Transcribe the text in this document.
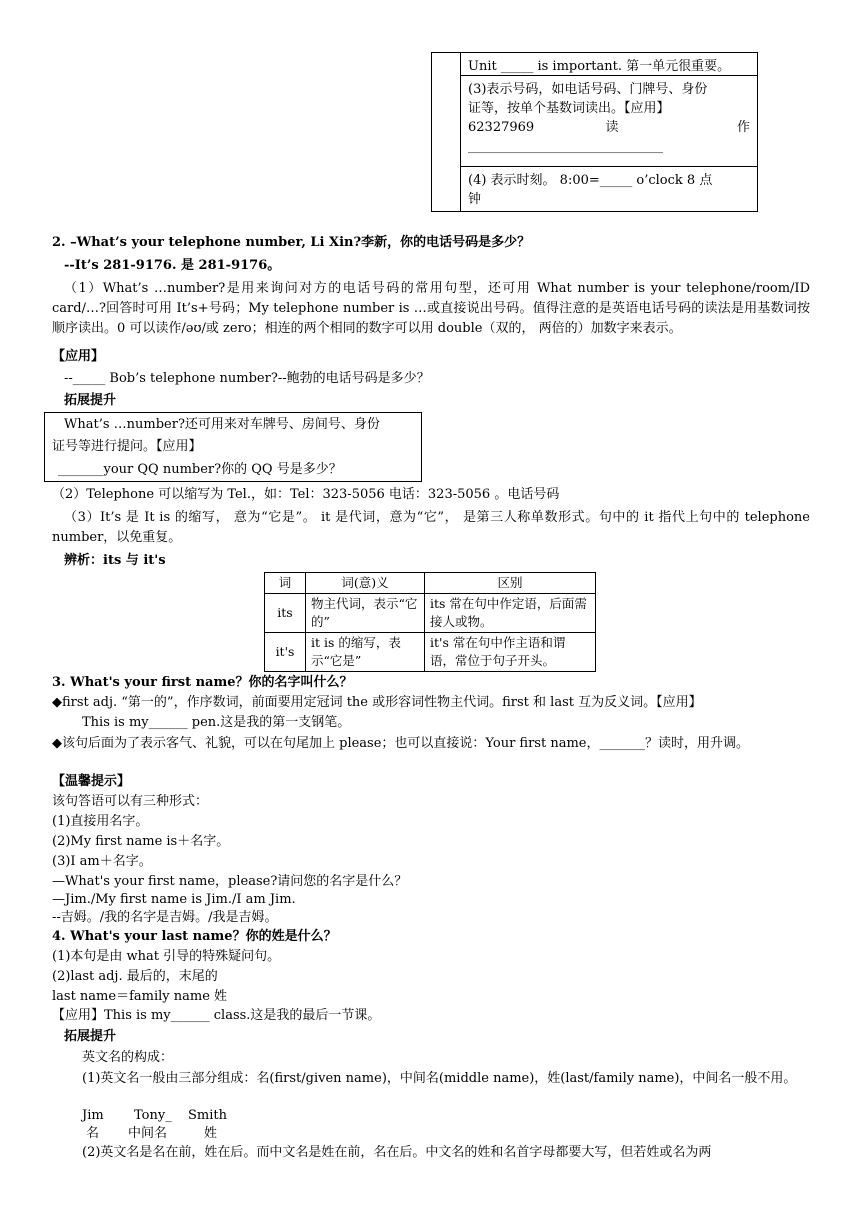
Unit _____ is important. 第一单元很重要。
(3)表示号码，如电话号码、门牌号、身份
证等，按单个基数词读出。【应用】
62327969 读 作
______________________________
(4) 表示时刻。 8:00=_____ o’clock 8 点
钟
2. –What’s your telephone number, Li Xin?李新，你的电话号码是多少？
--It’s 281-9176. 是 281-9176。
（1）What’s …number?是用来询问对方的电话号码的常用句型，还可用 What number is your telephone/room/ID card/…?回答时可用 It’s+号码；My telephone number is …或直接说出号码。值得注意的是英语电话号码的读法是用基数词按顺序读出。0 可以读作/əʊ/或 zero；相连的两个相同的数字可以用 double（双的， 两倍的）加数字来表示。
【应用】
--_____ Bob’s telephone number?--鲍勃的电话号码是多少？
拓展提升
What’s …number?还可用来对车牌号、房间号、身份
证号等进行提问。【应用】
_______your QQ number?你的 QQ 号是多少？
（2）Telephone 可以缩写为 Tel.，如：Tel：323-5056 电话：323-5056 。电话号码
（3）It’s 是 It is 的缩写， 意为“它是”。 it 是代词，意为“它”， 是第三人称单数形式。句中的 it 指代上句中的 telephone number，以免重复。
辨析：its 与 it's
词	词(意)义	区别
its	物主代词，表示“它的”	its 常在句中作定语，后面需接人或物。
it's	it is 的缩写，表示“它是”	it's 常在句中作主语和谓语，常位于句子开头。
3. What's your first name？你的名字叫什么？
◆first adj. “第一的”，作序数词，前面要用定冠词 the 或形容词性物主代词。first 和 last 互为反义词。【应用】
This is my______ pen.这是我的第一支钢笔。
◆该句后面为了表示客气、礼貌，可以在句尾加上 please；也可以直接说：Your first name，_______？读时，用升调。
【温馨提示】
该句答语可以有三种形式：
(1)直接用名字。
(2)My first name is＋名字。
(3)I am＋名字。
—What's your first name，please?请问您的名字是什么？
—Jim./My first name is Jim./I am Jim.
--吉姆。/我的名字是吉姆。/我是吉姆。
4. What's your last name？你的姓是什么？
(1)本句是由 what 引导的特殊疑问句。
(2)last adj. 最后的，末尾的
last name＝family name 姓
【应用】This is my______ class.这是我的最后一节课。
拓展提升
英文名的构成：
(1)英文名一般由三部分组成：名(first/given name)，中间名(middle name)，姓(last/family name)，中间名一般不用。
Jim Tony_ Smith
名 中间名	姓
(2)英文名是名在前，姓在后。而中文名是姓在前，名在后。中文名的姓和名首字母都要大写，但若姓或名为两
